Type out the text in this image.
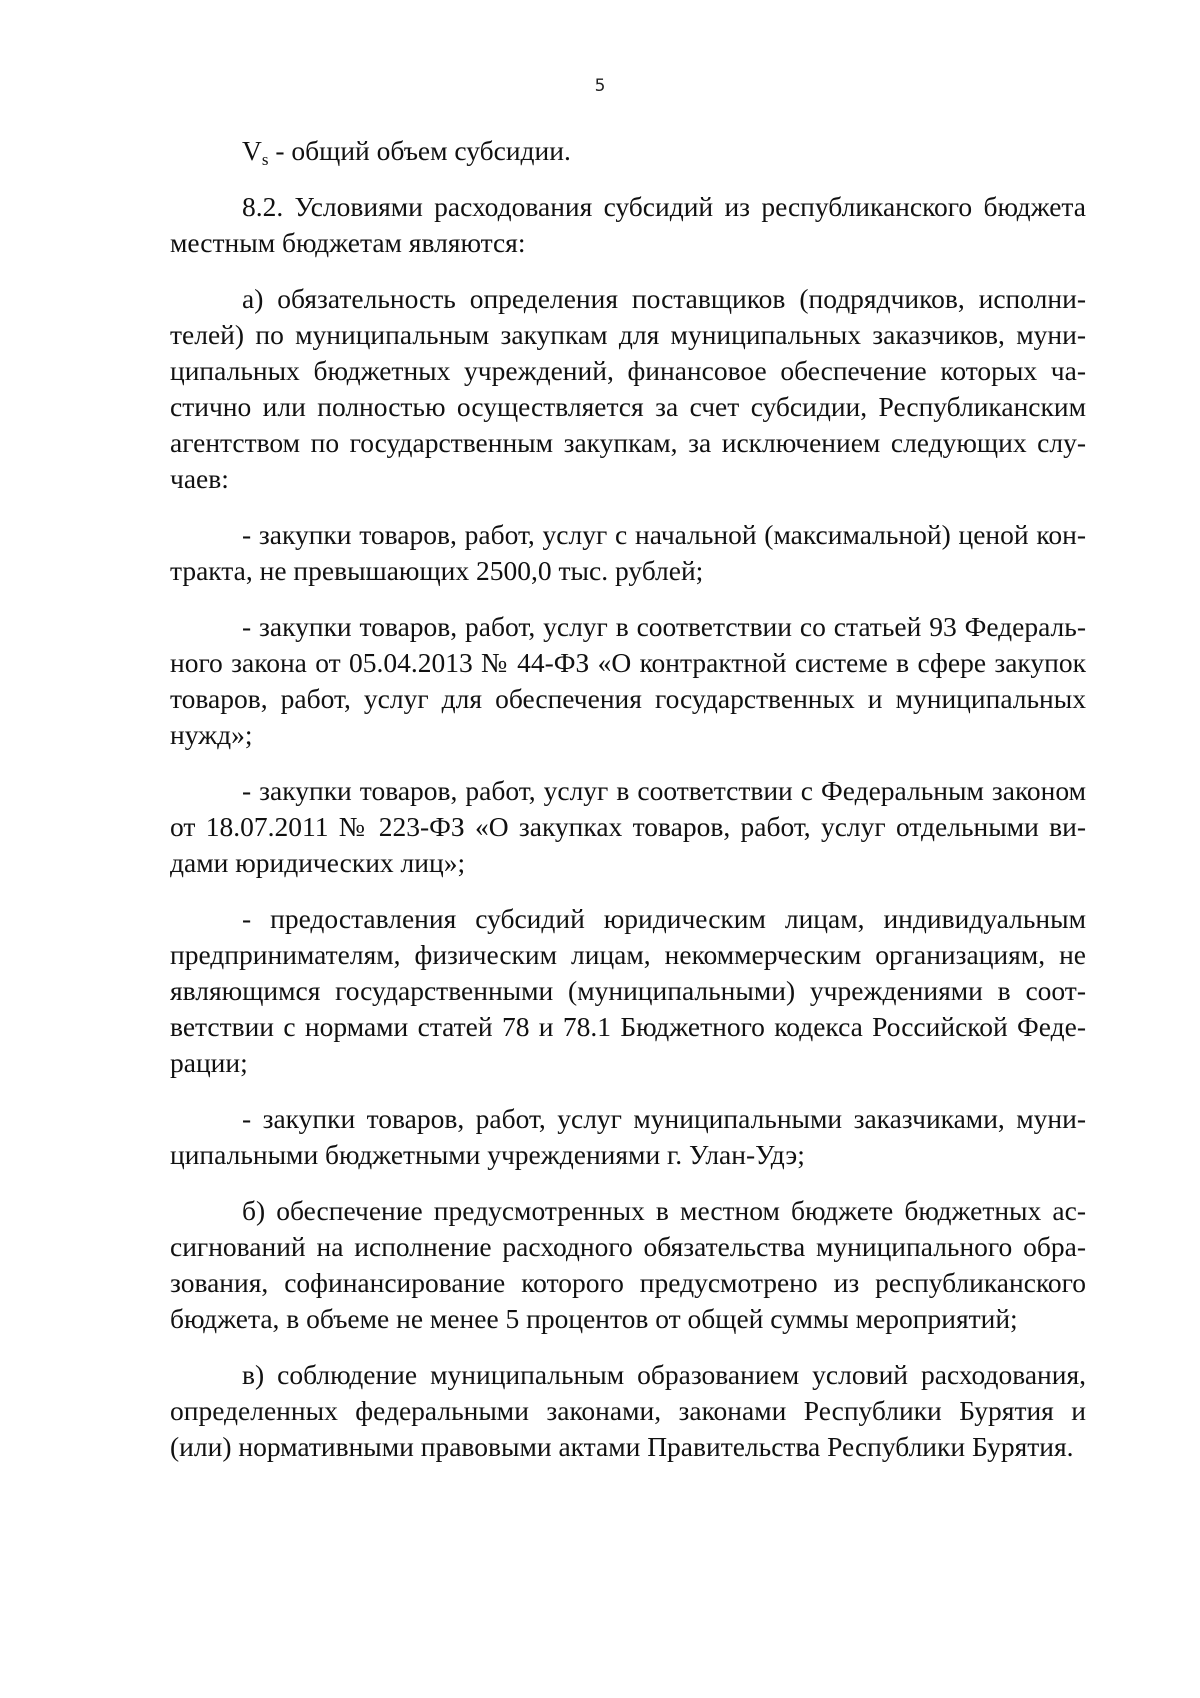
5

$V_s$ - общий объем субсидии.

8.2. Условиями расходования субсидий из республиканского бюджета местным бюджетам являются:

а) обязательность определения поставщиков (подрядчиков, исполнителей) по муниципальным закупкам для муниципальных заказчиков, муниципальных бюджетных учреждений, финансовое обеспечение которых частично или полностью осуществляется за счет субсидии, Республиканским агентством по государственным закупкам, за исключением следующих случаев:

- закупки товаров, работ, услуг с начальной (максимальной) ценой контракта, не превышающих 2500,0 тыс. рублей;

- закупки товаров, работ, услуг в соответствии со статьей 93 Федерального закона от 05.04.2013 № 44-ФЗ «О контрактной системе в сфере закупок товаров, работ, услуг для обеспечения государственных и муниципальных нужд»;

- закупки товаров, работ, услуг в соответствии с Федеральным законом от 18.07.2011 № 223-ФЗ «О закупках товаров, работ, услуг отдельными видами юридических лиц»;

- предоставления субсидий юридическим лицам, индивидуальным предпринимателям, физическим лицам, некоммерческим организациям, не являющимся государственными (муниципальными) учреждениями в соответствии с нормами статей 78 и 78.1 Бюджетного кодекса Российской Федерации;

- закупки товаров, работ, услуг муниципальными заказчиками, муниципальными бюджетными учреждениями г. Улан-Удэ;

б) обеспечение предусмотренных в местном бюджете бюджетных ассигнований на исполнение расходного обязательства муниципального образования, софинансирование которого предусмотрено из республиканского бюджета, в объеме не менее 5 процентов от общей суммы мероприятий;

в) соблюдение муниципальным образованием условий расходования, определенных федеральными законами, законами Республики Бурятия и (или) нормативными правовыми актами Правительства Республики Бурятия.
